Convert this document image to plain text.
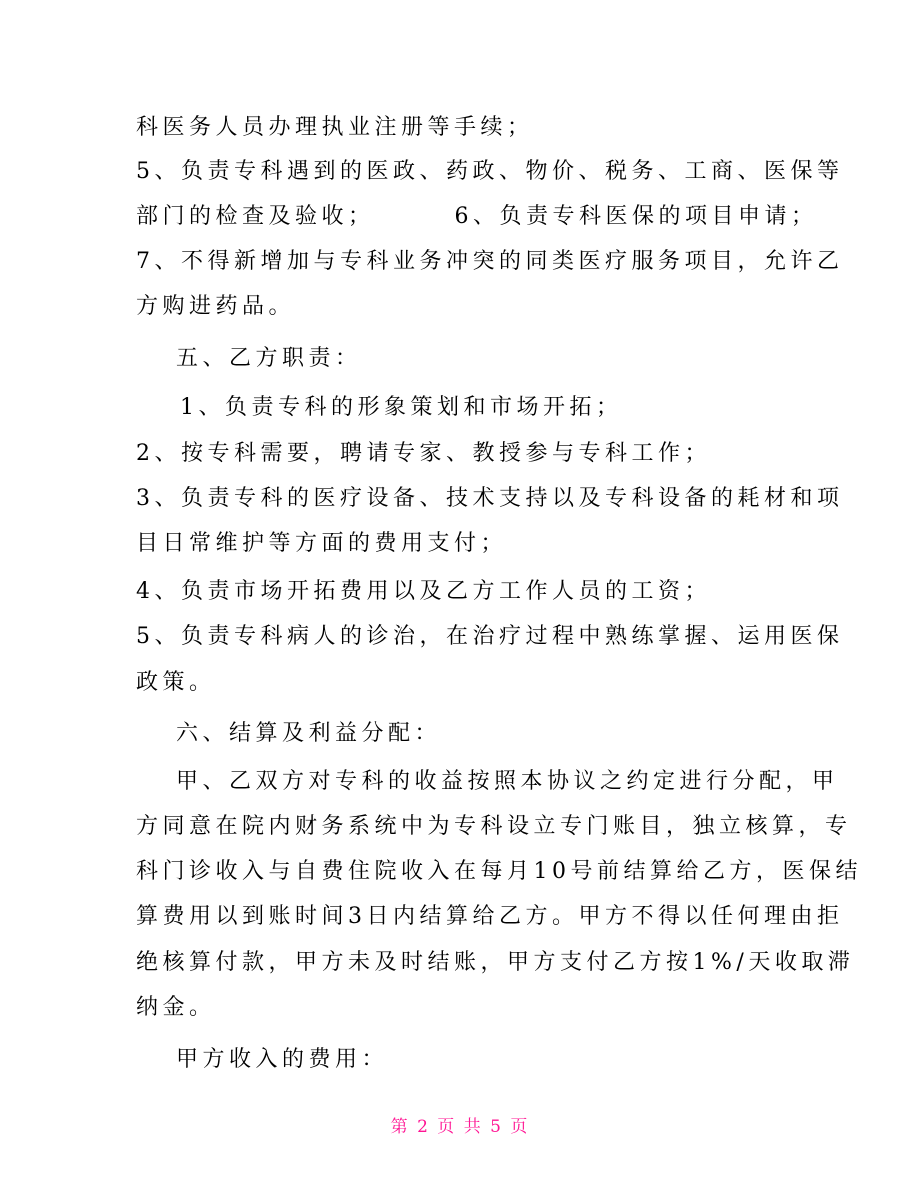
科医务人员办理执业注册等手续；
5、负责专科遇到的医政、药政、物价、税务、工商、医保等
部门的检查及验收；　　　 6、负责专科医保的项目申请；
7、不得新增加与专科业务冲突的同类医疗服务项目，允许乙
方购进药品。
五、乙方职责：
1、负责专科的形象策划和市场开拓；
2、按专科需要，聘请专家、教授参与专科工作；
3、负责专科的医疗设备、技术支持以及专科设备的耗材和项
目日常维护等方面的费用支付；
4、负责市场开拓费用以及乙方工作人员的工资；
5、负责专科病人的诊治，在治疗过程中熟练掌握、运用医保
政策。
六、结算及利益分配：
甲、乙双方对专科的收益按照本协议之约定进行分配，甲
方同意在院内财务系统中为专科设立专门账目，独立核算，专
科门诊收入与自费住院收入在每月10号前结算给乙方，医保结
算费用以到账时间3日内结算给乙方。甲方不得以任何理由拒
绝核算付款，甲方未及时结账，甲方支付乙方按1%/天收取滞
纳金。
甲方收入的费用：
第 2 页 共 5 页
